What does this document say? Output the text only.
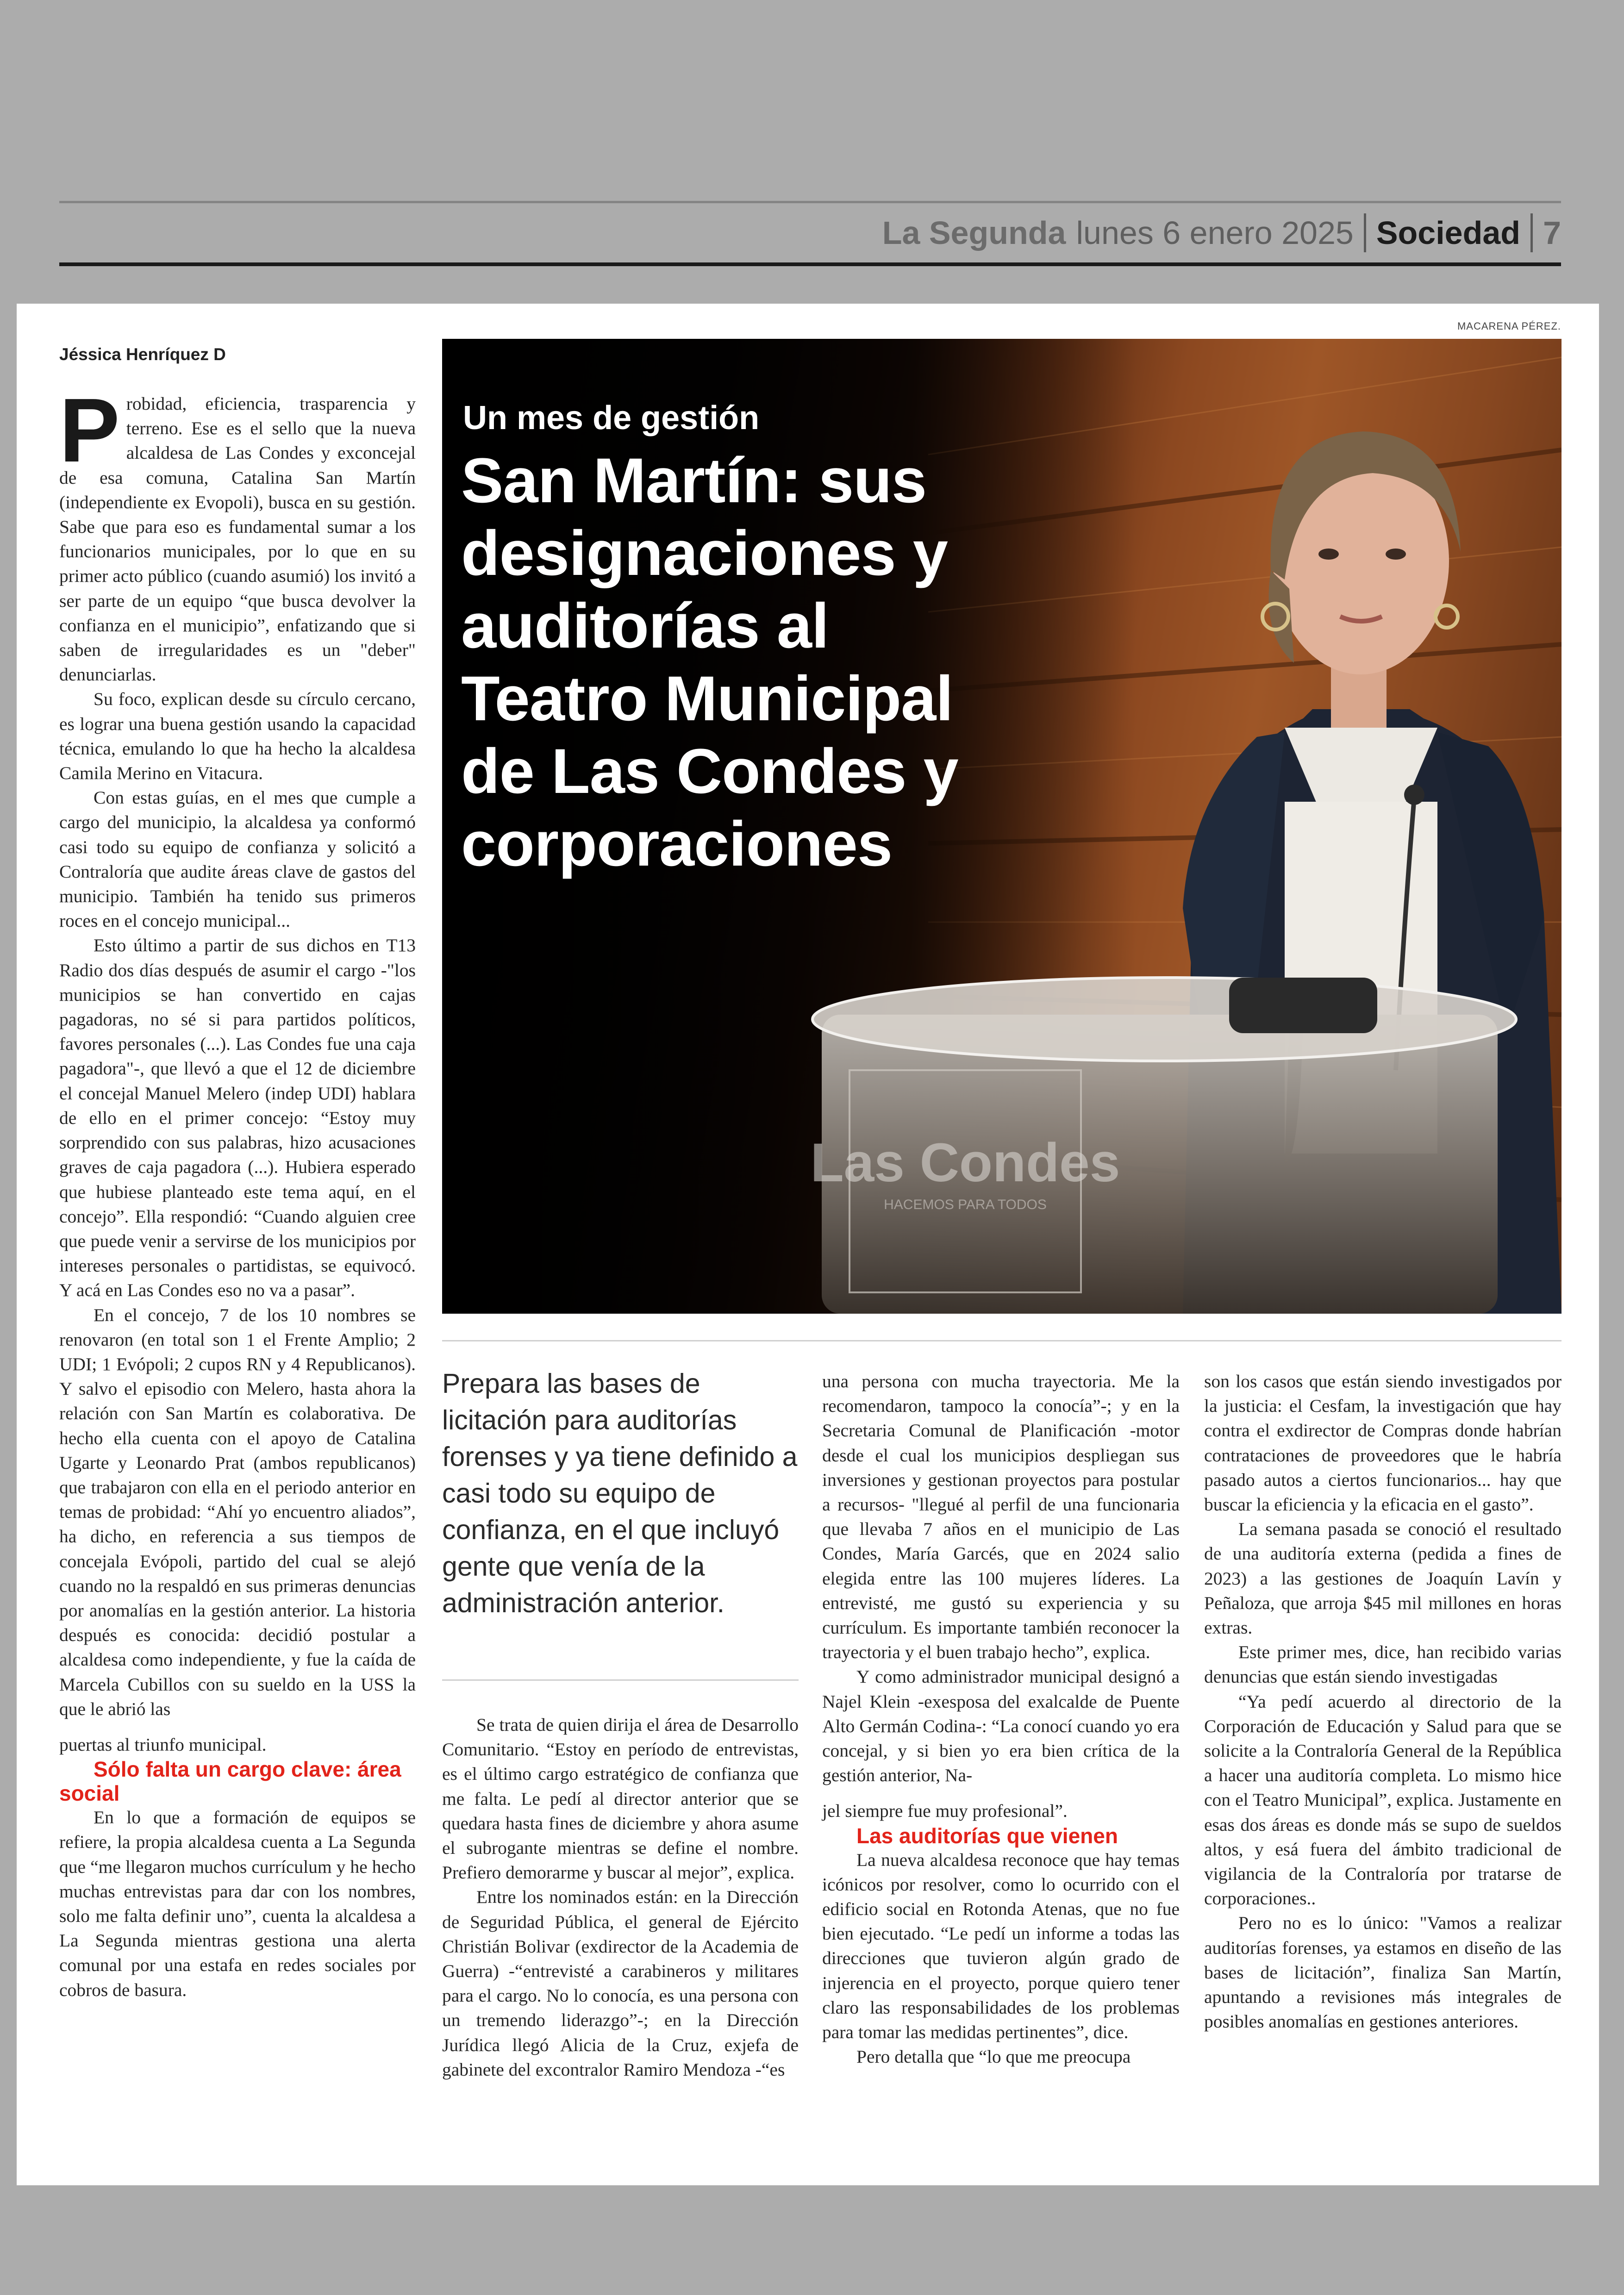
La Segunda lunes 6 enero 2025 Sociedad 7
MACARENA PÉREZ.
Jéssica Henríquez D

Probidad, eficiencia, trasparencia y terreno. Ese es el sello que la nueva alcaldesa de Las Condes y exconcejal de esa comuna, Catalina San Martín (independiente ex Evopoli), busca en su gestión. Sabe que para eso es fundamental sumar a los funcionarios municipales, por lo que en su primer acto público (cuando asumió) los invitó a ser parte de un equipo “que busca devolver la confianza en el municipio”, enfatizando que si saben de irregularidades es un "deber" denunciarlas.

Su foco, explican desde su círculo cercano, es lograr una buena gestión usando la capacidad técnica, emulando lo que ha hecho la alcaldesa Camila Merino en Vitacura.

Con estas guías, en el mes que cumple a cargo del municipio, la alcaldesa ya conformó casi todo su equipo de confianza y solicitó a Contraloría que audite áreas clave de gastos del municipio. También ha tenido sus primeros roces en el concejo municipal...

Esto último a partir de sus dichos en T13 Radio dos días después de asumir el cargo -"los municipios se han convertido en cajas pagadoras, no sé si para partidos políticos, favores personales (...). Las Condes fue una caja pagadora"-, que llevó a que el 12 de diciembre el concejal Manuel Melero (indep UDI) hablara de ello en el primer concejo: “Estoy muy sorprendido con sus palabras, hizo acusaciones graves de caja pagadora (...). Hubiera esperado que hubiese planteado este tema aquí, en el concejo”. Ella respondió: “Cuando alguien cree que puede venir a servirse de los municipios por intereses personales o partidistas, se equivocó. Y acá en Las Condes eso no va a pasar”.

En el concejo, 7 de los 10 nombres se renovaron (en total son 1 el Frente Amplio; 2 UDI; 1 Evópoli; 2 cupos RN y 4 Republicanos). Y salvo el episodio con Melero, hasta ahora la relación con San Martín es colaborativa. De hecho ella cuenta con el apoyo de Catalina Ugarte y Leonardo Prat (ambos republicanos) que trabajaron con ella en el periodo anterior en temas de probidad: “Ahí yo encuentro aliados”, ha dicho, en referencia a sus tiempos de concejala Evópoli, partido del cual se alejó cuando no la respaldó en sus primeras denuncias por anomalías en la gestión anterior. La historia después es conocida: decidió postular a alcaldesa como independiente, y fue la caída de Marcela Cubillos con su sueldo en la USS la que le abrió las

puertas al triunfo municipal.

Sólo falta un cargo clave: área social

En lo que a formación de equipos se refiere, la propia alcaldesa cuenta a La Segunda que “me llegaron muchos currículum y he hecho muchas entrevistas para dar con los nombres, solo me falta definir uno”, cuenta la alcaldesa a La Segunda mientras gestiona una alerta comunal por una estafa en redes sociales por cobros de basura.

Las Condes
HACEMOS PARA TODOS
Un mes de gestión
San Martín: sus designaciones y auditorías al Teatro Municipal de Las Condes y corporaciones

Prepara las bases de licitación para auditorías forenses y ya tiene definido a casi todo su equipo de confianza, en el que incluyó gente que venía de la administración anterior.

Se trata de quien dirija el área de Desarrollo Comunitario. “Estoy en período de entrevistas, es el último cargo estratégico de confianza que me falta. Le pedí al director anterior que se quedara hasta fines de diciembre y ahora asume el subrogante mientras se define el nombre. Prefiero demorarme y buscar al mejor”, explica.

Entre los nominados están: en la Dirección de Seguridad Pública, el general de Ejército Christián Bolivar (exdirector de la Academia de Guerra) -“entrevisté a carabineros y militares para el cargo. No lo conocía, es una persona con un tremendo liderazgo”-; en la Dirección Jurídica llegó Alicia de la Cruz, exjefa de gabinete del excontralor Ramiro Mendoza -“es

una persona con mucha trayectoria. Me la recomendaron, tampoco la conocía”-; y en la Secretaria Comunal de Planificación -motor desde el cual los municipios despliegan sus inversiones y gestionan proyectos para postular a recursos- "llegué al perfil de una funcionaria que llevaba 7 años en el municipio de Las Condes, María Garcés, que en 2024 salio elegida entre las 100 mujeres líderes. La entrevisté, me gustó su experiencia y su currículum. Es importante también reconocer la trayectoria y el buen trabajo hecho”, explica.

Y como administrador municipal designó a Najel Klein -exesposa del exalcalde de Puente Alto Germán Codina-: “La conocí cuando yo era concejal, y si bien yo era bien crítica de la gestión anterior, Na-

jel siempre fue muy profesional”.

Las auditorías que vienen

La nueva alcaldesa reconoce que hay temas icónicos por resolver, como lo ocurrido con el edificio social en Rotonda Atenas, que no fue bien ejecutado. “Le pedí un informe a todas las direcciones que tuvieron algún grado de injerencia en el proyecto, porque quiero tener claro las responsabilidades de los problemas para tomar las medidas pertinentes”, dice.

Pero detalla que “lo que me preocupa

son los casos que están siendo investigados por la justicia: el Cesfam, la investigación que hay contra el exdirector de Compras donde habrían contrataciones de proveedores que le habría pasado autos a ciertos funcionarios... hay que buscar la eficiencia y la eficacia en el gasto”.

La semana pasada se conoció el resultado de una auditoría externa (pedida a fines de 2023) a las gestiones de Joaquín Lavín y Peñaloza, que arroja $45 mil millones en horas extras.

Este primer mes, dice, han recibido varias denuncias que están siendo investigadas

“Ya pedí acuerdo al directorio de la Corporación de Educación y Salud para que se solicite a la Contraloría General de la República a hacer una auditoría completa. Lo mismo hice con el Teatro Municipal”, explica. Justamente en esas dos áreas es donde más se supo de sueldos altos, y esá fuera del ámbito tradicional de vigilancia de la Contraloría por tratarse de corporaciones..

Pero no es lo único: "Vamos a realizar auditorías forenses, ya estamos en diseño de las bases de licitación”, finaliza San Martín, apuntando a revisiones más integrales de posibles anomalías en gestiones anteriores.
